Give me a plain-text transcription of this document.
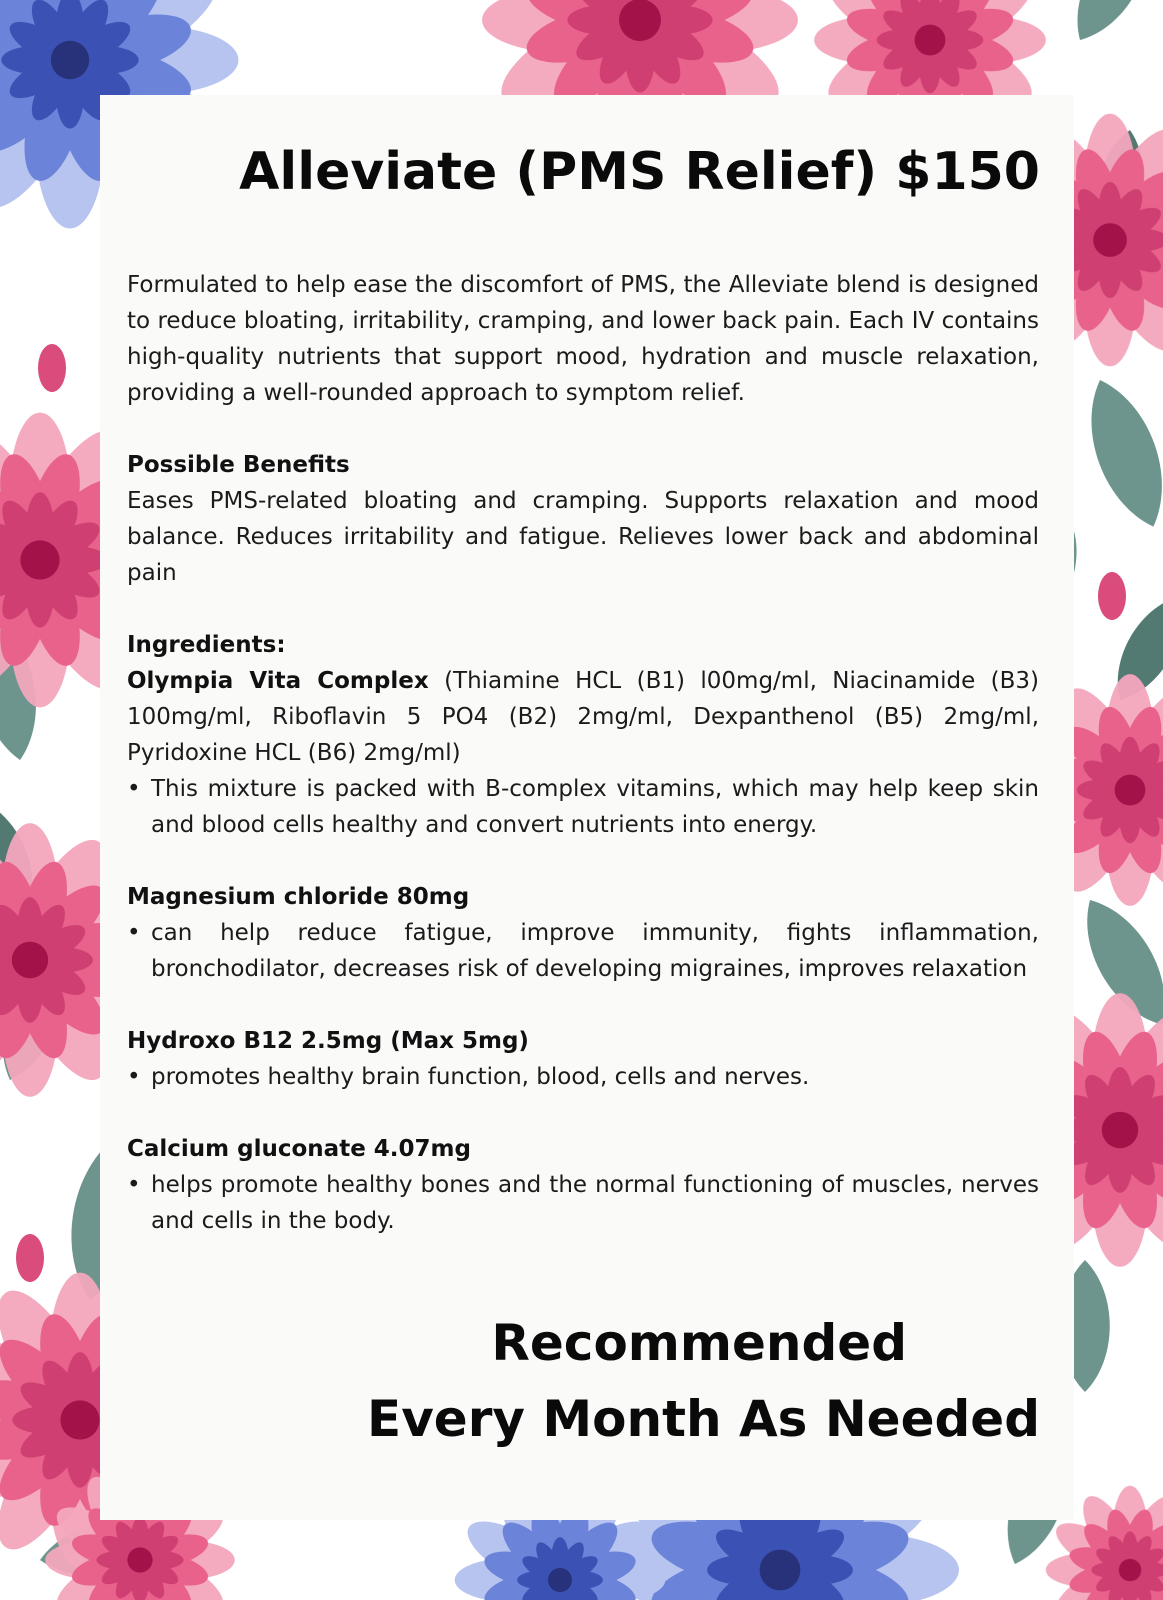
Alleviate (PMS Relief) $150

Formulated to help ease the discomfort of PMS, the Alleviate blend is designed to reduce bloating, irritability, cramping, and lower back pain. Each IV contains high-quality nutrients that support mood, hydration and muscle relaxation, providing a well-rounded approach to symptom relief.

Possible Benefits

Eases PMS-related bloating and cramping. Supports relaxation and mood balance. Reduces irritability and fatigue. Relieves lower back and abdominal pain

Ingredients:

Olympia Vita Complex (Thiamine HCL (B1) l00mg/ml, Niacinamide (B3) 100mg/ml, Riboflavin 5 PO4 (B2) 2mg/ml, Dexpanthenol (B5) 2mg/ml, Pyridoxine HCL (B6) 2mg/ml)

• This mixture is packed with B-complex vitamins, which may help keep skin and blood cells healthy and convert nutrients into energy.
Magnesium chloride 80mg
• can help reduce fatigue, improve immunity, fights inflammation, bronchodilator, decreases risk of developing migraines, improves relaxation
Hydroxo B12 2.5mg (Max 5mg)
• promotes healthy brain function, blood, cells and nerves.
Calcium gluconate 4.07mg
• helps promote healthy bones and the normal functioning of muscles, nerves and cells in the body.
Recommended
Every Month As Needed
